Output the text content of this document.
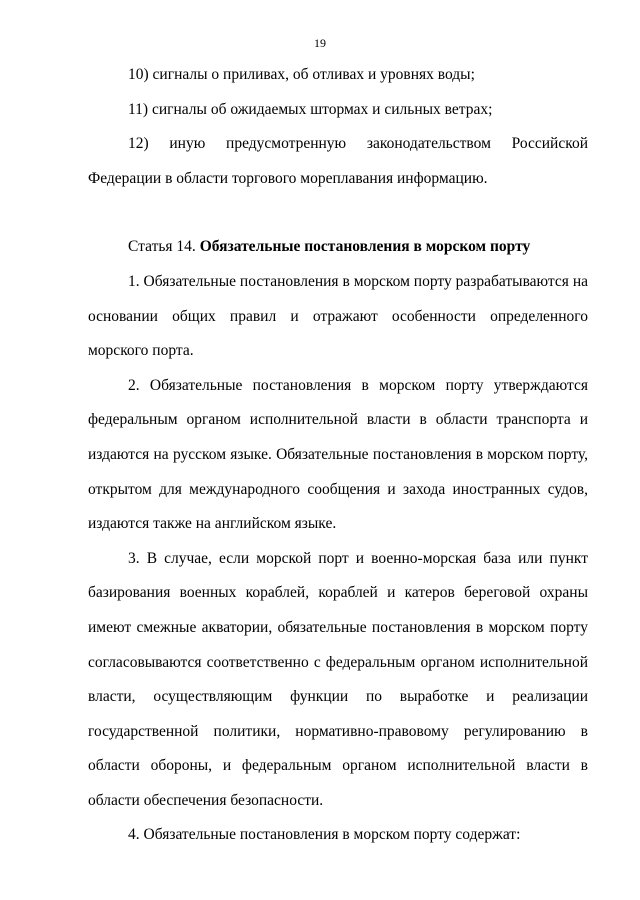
19

10) сигналы о приливах, об отливах и уровнях воды;

11) сигналы об ожидаемых штормах и сильных ветрах;

12) иную предусмотренную законодательством Российской Федерации в области торгового мореплавания информацию.

Статья 14. Обязательные постановления в морском порту

1. Обязательные постановления в морском порту разрабатываются на основании общих правил и отражают особенности определенного морского порта.

2. Обязательные постановления в морском порту утверждаются федеральным органом исполнительной власти в области транспорта и издаются на русском языке. Обязательные постановления в морском порту, открытом для международного сообщения и захода иностранных судов, издаются также на английском языке.

3. В случае, если морской порт и военно-морская база или пункт базирования военных кораблей, кораблей и катеров береговой охраны имеют смежные акватории, обязательные постановления в морском порту согласовываются соответственно с федеральным органом исполнительной власти, осуществляющим функции по выработке и реализации государственной политики, нормативно-правовому регулированию в области обороны, и федеральным органом исполнительной власти в области обеспечения безопасности.

4. Обязательные постановления в морском порту содержат:
